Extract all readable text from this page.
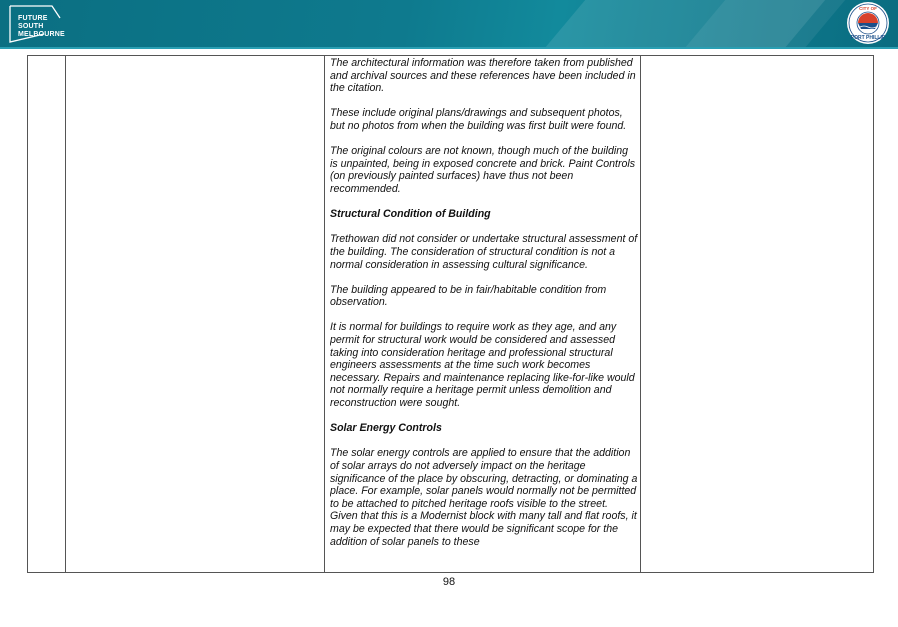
FUTURE
SOUTH
MELBOURNE
CITY OF
PORT PHILLIP

The architectural information was therefore taken from published and archival sources and these references have been included in the citation.

These include original plans/drawings and subsequent photos, but no photos from when the building was first built were found.

The original colours are not known, though much of the building is unpainted, being in exposed concrete and brick. Paint Controls (on previously painted surfaces) have thus not been recommended.

Structural Condition of Building

Trethowan did not consider or undertake structural assessment of the building. The consideration of structural condition is not a normal consideration in assessing cultural significance.

The building appeared to be in fair/habitable condition from observation.

It is normal for buildings to require work as they age, and any permit for structural work would be considered and assessed taking into consideration heritage and professional structural engineers assessments at the time such work becomes necessary. Repairs and maintenance replacing like-for-like would not normally require a heritage permit unless demolition and reconstruction were sought.

Solar Energy Controls

The solar energy controls are applied to ensure that the addition of solar arrays do not adversely impact on the heritage significance of the place by obscuring, detracting, or dominating a place. For example, solar panels would normally not be permitted to be attached to pitched heritage roofs visible to the street. Given that this is a Modernist block with many tall and flat roofs, it may be expected that there would be significant scope for the addition of solar panels to these

98
